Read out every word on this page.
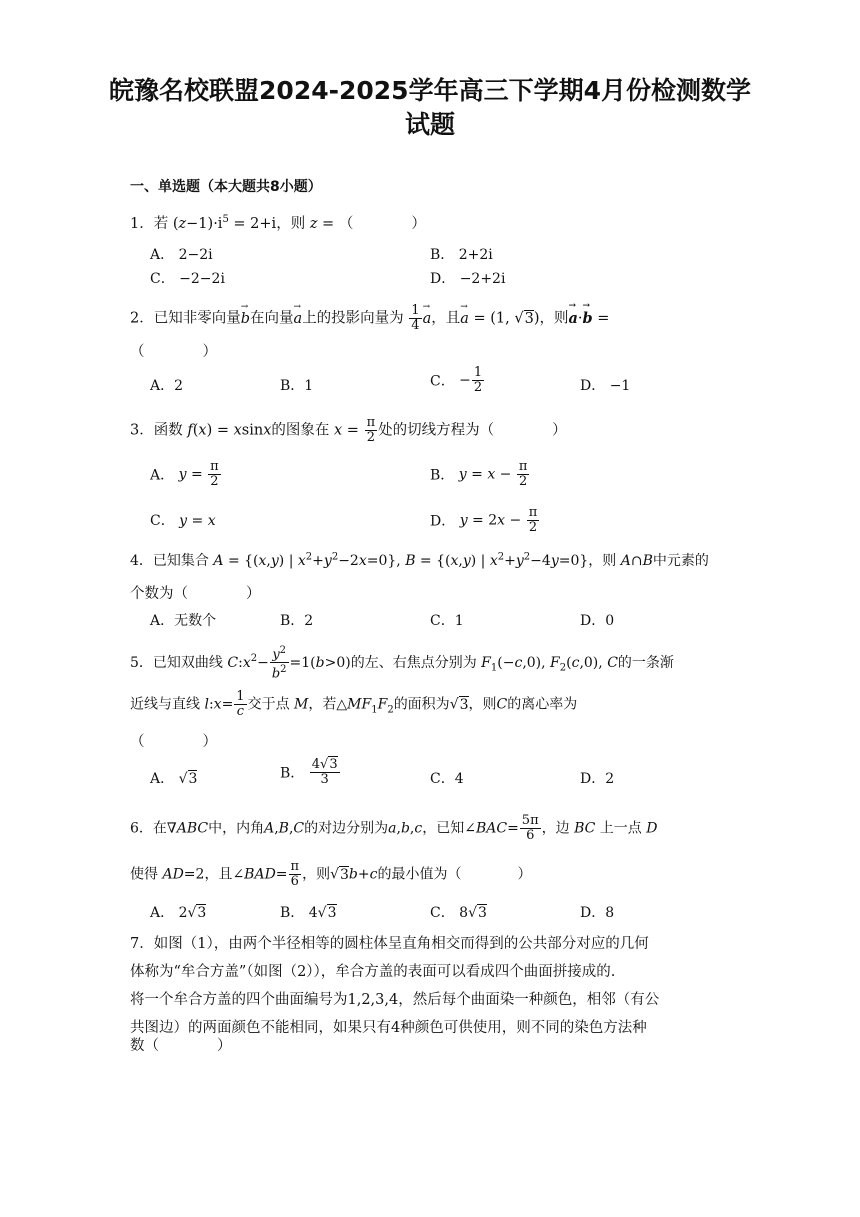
皖豫名校联盟2024-2025学年高三下学期4月份检测数学
试题
一、单选题（本大题共8小题）
1．若 $(z-1)\cdot i^5 = 2+i$，则 z = （　　　　）
A． 2−2i	B． 2+2i
C． −2−2i	D． −2+2i
2．已知非零向量→ b在向量→ a上的投影向量为 $\frac{1}{4}$
→ a，且→ a = (1, √3)，则→ a·→ b =
（　　　　）
A．2	B．1	C． − $\frac{1}{2}$	D． −1
3．函数 f(x) = xsinx的图象在 $x = \frac{\pi}{2}$ 处的切线方程为（　　　　）
A． $y = \frac{\pi}{2}$	B． $y = x - \frac{\pi}{2}$
C． y = x	D． $y = 2x - \frac{\pi}{2}$
4．已知集合 A = {(x,y) | $x^2+y^2-2x=0$}, B = {(x,y) | $x^2+y^2-4y=0$}，则 A∩B中元素的
个数为（　　　　）
A．无数个	B．2	C．1	D．0
5．已知双曲线 $C:x^2- \frac{y^2}{b^2} =1(b>0)$的左、右焦点分别为 $F_1(-c,0)$, $F_2(c,0)$, C的一条渐
近线与直线 l:x= $\frac{1}{c}$ 交于点 M，若$\triangle MF_1F_2$的面积为√3，则C的离心率为
（　　　　）
A． √3	B． $\frac{4√3}{3}$	C．4	D．2
6．在∇ABC中，内角A,B,C的对边分别为a,b,c，已知∠BAC= $\frac{5\pi}{6}$ ，边 BC 上一点 D
使得 AD=2，且∠BAD= $\frac{\pi}{6}$ ，则√3b+c的最小值为（　　　　）
A． 2√3	B． 4√3	C． 8√3	D．8
7．如图（1），由两个半径相等的圆柱体呈直角相交而得到的公共部分对应的几何
体称为“牟合方盖”（如图（2）），牟合方盖的表面可以看成四个曲面拼接成的.
将一个牟合方盖的四个曲面编号为1,2,3,4，然后每个曲面染一种颜色，相邻（有公
共图边）的两面颜色不能相同，如果只有4种颜色可供使用，则不同的染色方法种
数（　　　　）
